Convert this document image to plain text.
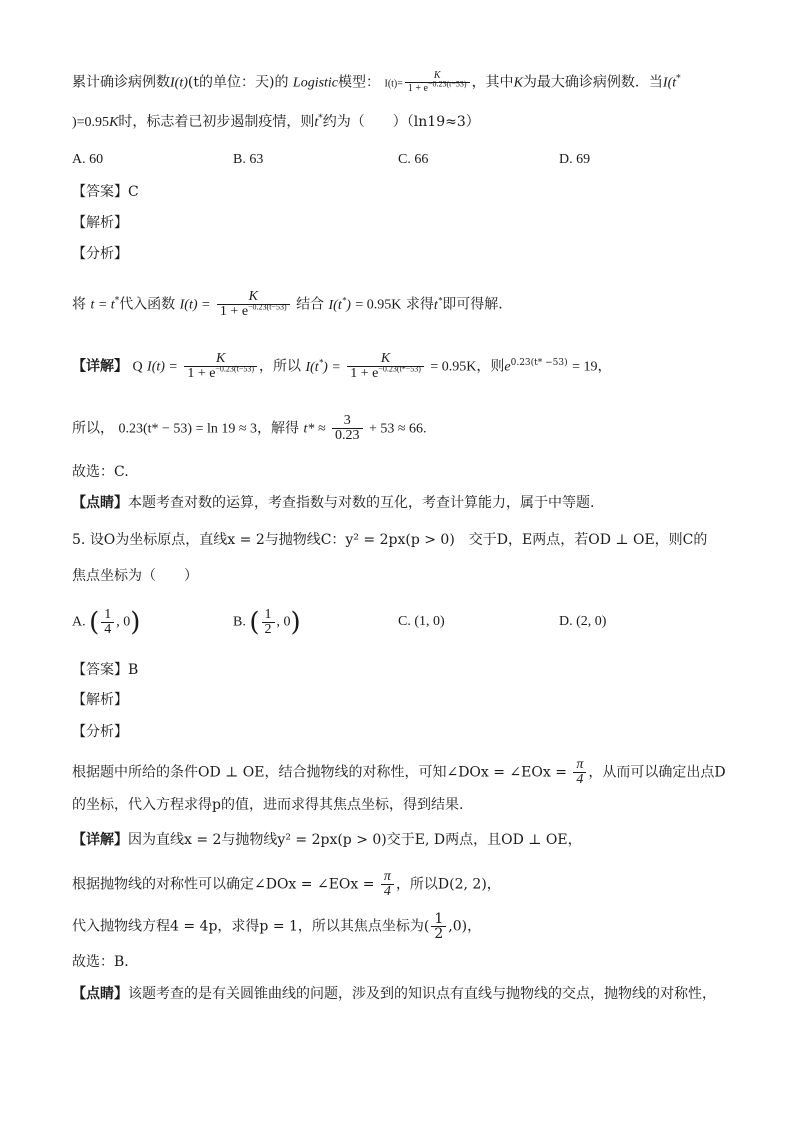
累计确诊病例数I(t)(t的单位：天)的 Logistic模型： $I(t)= \frac{K}{1 + e^{-0.23(t-53)}}$ ，其中K为最大确诊病例数．当I(t*
)=0.95K时，标志着已初步遏制疫情，则t*约为（　　）（ln19≈3）
A. 60	B. 63	C. 66	D. 69
【答案】C
【解析】
【分析】
将 t = t*代入函数 $I(t) = \frac{K}{1 + e^{-0.23(t-53)}}$ 结合 I(t*) = 0.95K 求得t*即可得解.
【详解】 Q $I(t) = \frac{K}{1 + e^{-0.23(t-53)}}$ ，所以 $I(t^*) = \frac{K}{1 + e^{-0.23(t*-53)}} = 0.95K$，则$e^{0.23(t* -53)} = 19$，
所以， 0.23(t* − 53) = ln 19 ≈ 3，解得 $t* \approx \frac{3}{0.23} + 53 \approx 66$.
故选：C.
【点睛】本题考查对数的运算，考查指数与对数的互化，考查计算能力，属于中等题.
5. 设O为坐标原点，直线x = 2与抛物线C：y² = 2px(p > 0)　交于D，E两点，若OD ⊥ OE，则C的
焦点坐标为（　　）
A. ( $\frac{1}{4}$ , 0)	B. ( $\frac{1}{2}$ , 0)	C. (1, 0)	D. (2, 0)
【答案】B
【解析】
【分析】
根据题中所给的条件OD ⊥ OE，结合抛物线的对称性，可知∠DOx = ∠EOx = $\frac{\pi}{4}$ ，从而可以确定出点D
的坐标，代入方程求得p的值，进而求得其焦点坐标，得到结果.
【详解】因为直线x = 2与抛物线y² = 2px(p > 0)交于E, D两点，且OD ⊥ OE，
根据抛物线的对称性可以确定∠DOx = ∠EOx = $\frac{\pi}{4}$ ，所以D(2, 2)，
代入抛物线方程4 = 4p，求得p = 1，所以其焦点坐标为( $\frac{1}{2} ,0$)，
故选：B.
【点睛】该题考查的是有关圆锥曲线的问题，涉及到的知识点有直线与抛物线的交点，抛物线的对称性，
